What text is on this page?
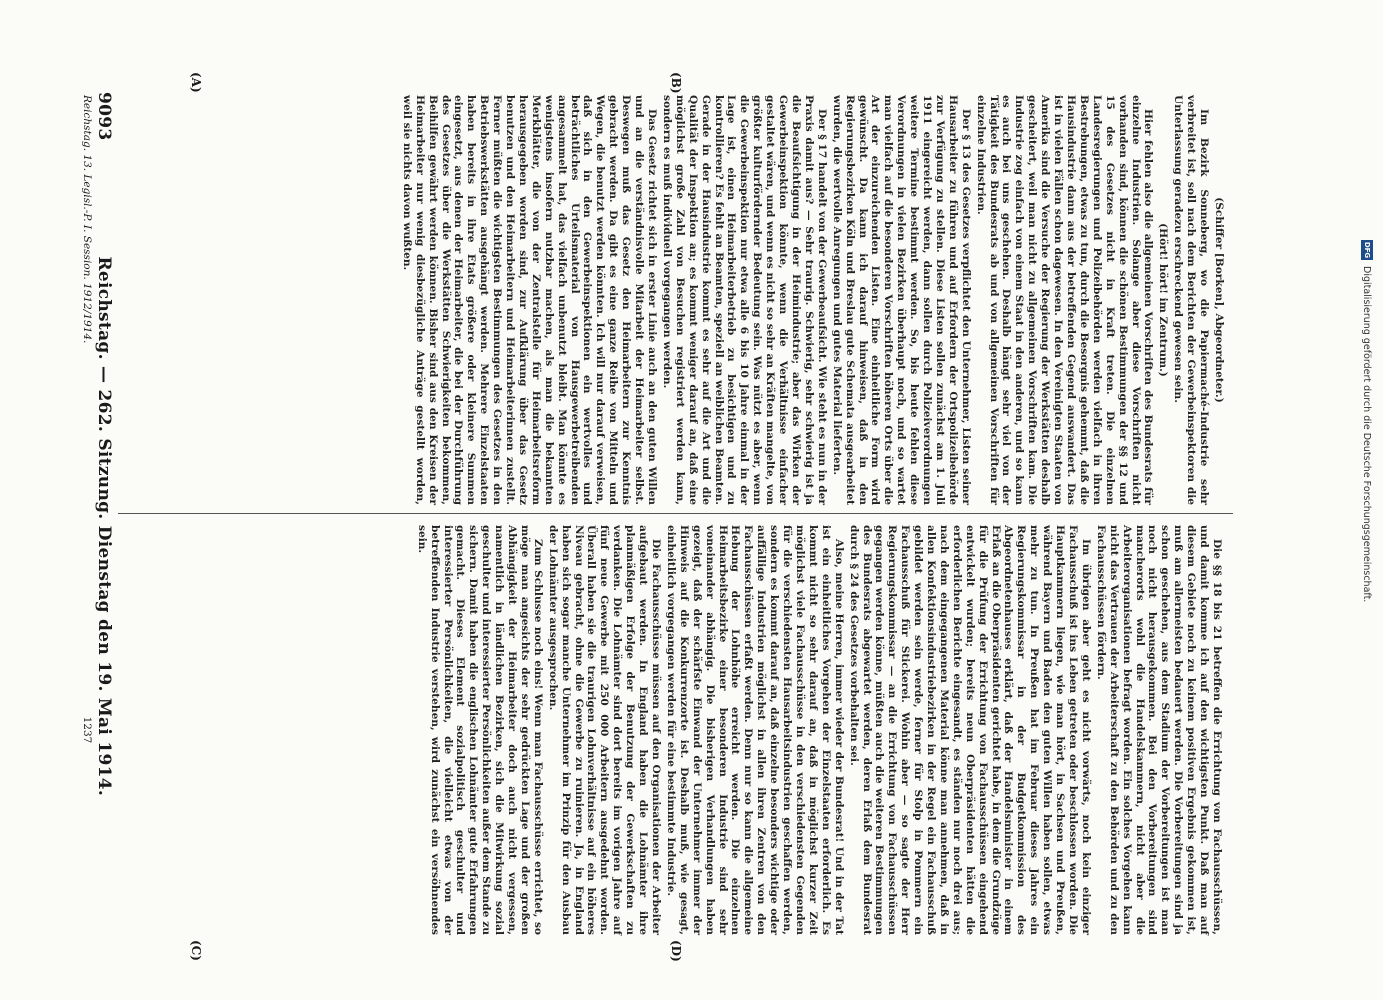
DFG
Digitalisierung gefördert durch die Deutsche Forschungsgemeinschaft.
9093
Reichstag. — 262. Sitzung. Dienstag den 19. Mai 1914.
(A)	(B)
(C)	(D)

(Schiffer [Borken], Abgeordneter.)

Im Bezirk Sonneberg, wo die Papiermaché-Industrie sehr verbreitet ist, soll nach dem Berichten der Gewerbeinspektoren die Unterlassung geradezu erschreckend gewesen sein.

(Hört! hört! im Zentrum.)

Hier fehlen also die allgemeinen Vorschriften des Bundesrats für einzelne Industrien. Solange aber diese Vorschriften nicht vorhanden sind, können die schönen Bestimmungen der §§ 12 und 15 des Gesetzes nicht in Kraft treten. Die einzelnen Landesregierungen und Polizeibehörden werden vielfach in ihren Bestrebungen, etwas zu tun, durch die Besorgnis gehemmt, daß die Hausindustrie dann aus der betreffenden Gegend auswandert. Das ist in vielen Fällen schon dagewesen. In den Vereinigten Staaten von Amerika sind die Versuche der Regierung der Werkstätten deshalb gescheitert, weil man nicht zu allgemeinen Vorschriften kam. Die Industrie zog einfach von einem Staat in den anderen, und so kann es auch bei uns geschehen. Deshalb hängt sehr viel von der Tätigkeit des Bundesrats ab und von allgemeinen Vorschriften für einzelne Industrien.

Der § 13 des Gesetzes verpflichtet den Unternehmer, Listen seiner Hausarbeiter zu führen und auf Erfordern der Ortspolizeibehörde zur Verfügung zu stellen. Diese Listen sollen zunächst am 1. Juli 1911 eingereicht werden, dann sollen durch Polizeiverordnungen weitere Termine bestimmt werden. So, bis heute fehlen diese Verordnungen in vielen Bezirken überhaupt noch, und so wartet man vielfach auf die besonderen Vorschriften höheren Orts über die Art der einzureichenden Listen. Eine einheitliche Form wird gewünscht. Da kann ich darauf hinweisen, daß in den Regierungsbezirken Köln und Breslau gute Schemata ausgearbeitet wurden, die wertvolle Anregungen und gutes Material lieferten.

Der § 17 handelt von der Gewerbeaufsicht. Wie steht es nun in der Praxis damit aus? — Sehr traurig. Schwierig, sehr schwierig ist ja die Beaufsichtigung in der Heimindustrie; aber das Wirken der Gewerbeinspektion könnte, wenn die Verhältnisse einfacher gestaltet wären, und wenn es nicht so sehr an Kräften mangelte, von größter kulturfördernder Bedeutung sein. Was nützt es aber, wenn die Gewerbeinspektion nur etwa alle 6 bis 10 Jahre einmal in der Lage ist, einen Heimarbeiterbetrieb zu besichtigen und zu kontrollieren? Es fehlt an Beamten, speziell an weiblichen Beamten. Gerade in der Hausindustrie kommt es sehr auf die Art und die Qualität der Inspektion an; es kommt weniger darauf an, daß eine möglichst große Zahl von Besuchen registriert werden kann, sondern es muß individuell vorgegangen werden.

Das Gesetz richtet sich in erster Linie auch an den guten Willen und an die verständnisvolle Mitarbeit der Heimarbeiter selbst. Deswegen muß das Gesetz den Heimarbeitern zur Kenntnis gebracht werden. Da gibt es eine ganze Reihe von Mitteln und Wegen, die benutzt werden könnten. Ich will nur darauf verweisen, daß sich in den Gewerbeinspektionen ein wertvolles und beträchtliches Urteilsmaterial von Hausgewerbetreibenden angesammelt hat, das vielfach unbenutzt bleibt. Man könnte es wenigstens insofern nutzbar machen, als man die bekannten Merkblätter, die von der Zentralstelle für Heimarbeitsreform herausgegeben worden sind, zur Aufklärung über das Gesetz benutzen und den Heimarbeitern und Heimarbeiterinnen zustellt. Ferner müßten die wichtigsten Bestimmungen des Gesetzes in den Betriebswerkstätten ausgehängt werden. Mehrere Einzelstaaten haben bereits in ihre Etats größere oder kleinere Summen eingesetzt, aus denen der Heimarbeiter, die bei der Durchführung des Gesetzes über die Werkstätten Schwierigkeiten bekommen, Beihilfen gewährt werden können. Bisher sind aus den Kreisen der Heimarbeiter nur wenig diesbezügliche Anträge gestellt worden, weil sie nichts davon wußten.

Die §§ 18 bis 21 betreffen die Errichtung von Fachausschüssen, und damit komme ich auf den wichtigsten Punkt. Daß man auf diesem Gebiete noch zu keinem positiven Ergebnis gekommen ist, muß am allermeisten bedauert werden. Die Vorbereitungen sind ja schon geschehen, aus dem Stadium der Vorbereitungen ist man noch nicht herausgekommen. Bei den Vorbereitungen sind mancherorts wohl die Handelskammern, nicht aber die Arbeiterorganisationen befragt worden. Ein solches Vorgehen kann nicht das Vertrauen der Arbeiterschaft zu den Behörden und zu den Fachausschüssen fördern.

Im übrigen aber geht es nicht vorwärts, noch kein einziger Fachausschuß ist ins Leben getreten oder beschlossen worden. Die Hauptkammern liegen, wie man hört, in Sachsen und Preußen, während Bayern und Baden den guten Willen haben sollen, etwas mehr zu tun. In Preußen hat im Februar dieses Jahres ein Regierungskommissar in der Budgetkommission des Abgeordnetenhauses erklärt, daß der Handelsminister in einem Erlaß an die Oberpräsidenten gerichtet habe, in dem die Grundzüge für die Prüfung der Errichtung von Fachausschüssen eingehend entwickelt wurden; bereits neun Oberpräsidenten hätten die erforderlichen Berichte eingesandt, es ständen nur noch drei aus; nach dem eingegangenen Material könne man annehmen, daß in allen Konfektionsindustriebezirken in der Regel ein Fachausschuß gebildet werden sein werde, ferner für Stolp in Pommern ein Fachausschuß für Stickerei. Wohin aber — so sagte der Herr Regierungskommissar — an die Errichtung von Fachausschüssen gegangen werden könne, müßten auch die weiteren Bestimmungen des Bundesrats abgewartet werden, deren Erlaß dem Bundesrat durch § 24 des Gesetzes vorbehalten sei.

Also, meine Herren, immer wieder der Bundesrat! Und in der Tat ist ein einheitliches Vorgehen der Einzelstaaten erforderlich. Es kommt nicht so sehr darauf an, daß in möglichst kurzer Zeit möglichst viele Fachausschüsse in den verschiedensten Gegenden für die verschiedensten Hausarbeitsindustrien geschaffen werden, sondern es kommt darauf an, daß einzelne besonders wichtige oder auffällige Industrien möglichst in allen ihren Zentren von den Fachausschüssen erfaßt werden. Denn nur so kann die allgemeine Hebung der Lohnhöhe erreicht werden. Die einzelnen Heimarbeitsbezirke einer besonderen Industrie sind sehr voneinander abhängig. Die bisherigen Verhandlungen haben gezeigt, daß der schärfste Einwand der Unternehmer immer der Hinweis auf die Konkurrenzorte ist. Deshalb muß, wie gesagt, einheitlich vorgegangen werden für eine bestimmte Industrie.

Die Fachausschüsse müssen auf den Organisationen der Arbeiter aufgebaut werden. In England haben die Lohnämter ihre planmäßigen Erfolge der Benutzung der Gewerkschaften zu verdanken. Die Lohnämter sind dort bereits im vorigen Jahre auf fünf neue Gewerbe mit 250 000 Arbeitern ausgedehnt worden. Überall haben sie die traurigen Lohnverhältnisse auf ein höheres Niveau gebracht, ohne die Gewerbe zu ruinieren. Ja, in England haben sich sogar manche Unternehmer im Prinzip für den Ausbau der Lohnämter ausgesprochen.

Zum Schlusse noch eins! Wenn man Fachausschüsse errichtet, so möge man angesichts der sehr gedrückten Lage und der großen Abhängigkeit der Heimarbeiter doch auch nicht vergessen, namentlich in ländlichen Bezirken, sich die Mitwirkung sozial geschulter und interessierter Persönlichkeiten außer dem Stande zu sichern. Damit haben die englischen Lohnämter gute Erfahrungen gemacht. Dieses Element sozialpolitisch geschulter und interessierter Persönlichkeiten, die vielleicht etwas von der betreffenden Industrie verstehen, wird zunächst ein versöhnendes sein.

Reichstag. 13. Legisl.-P. I. Session. 1912/1914.
1237
